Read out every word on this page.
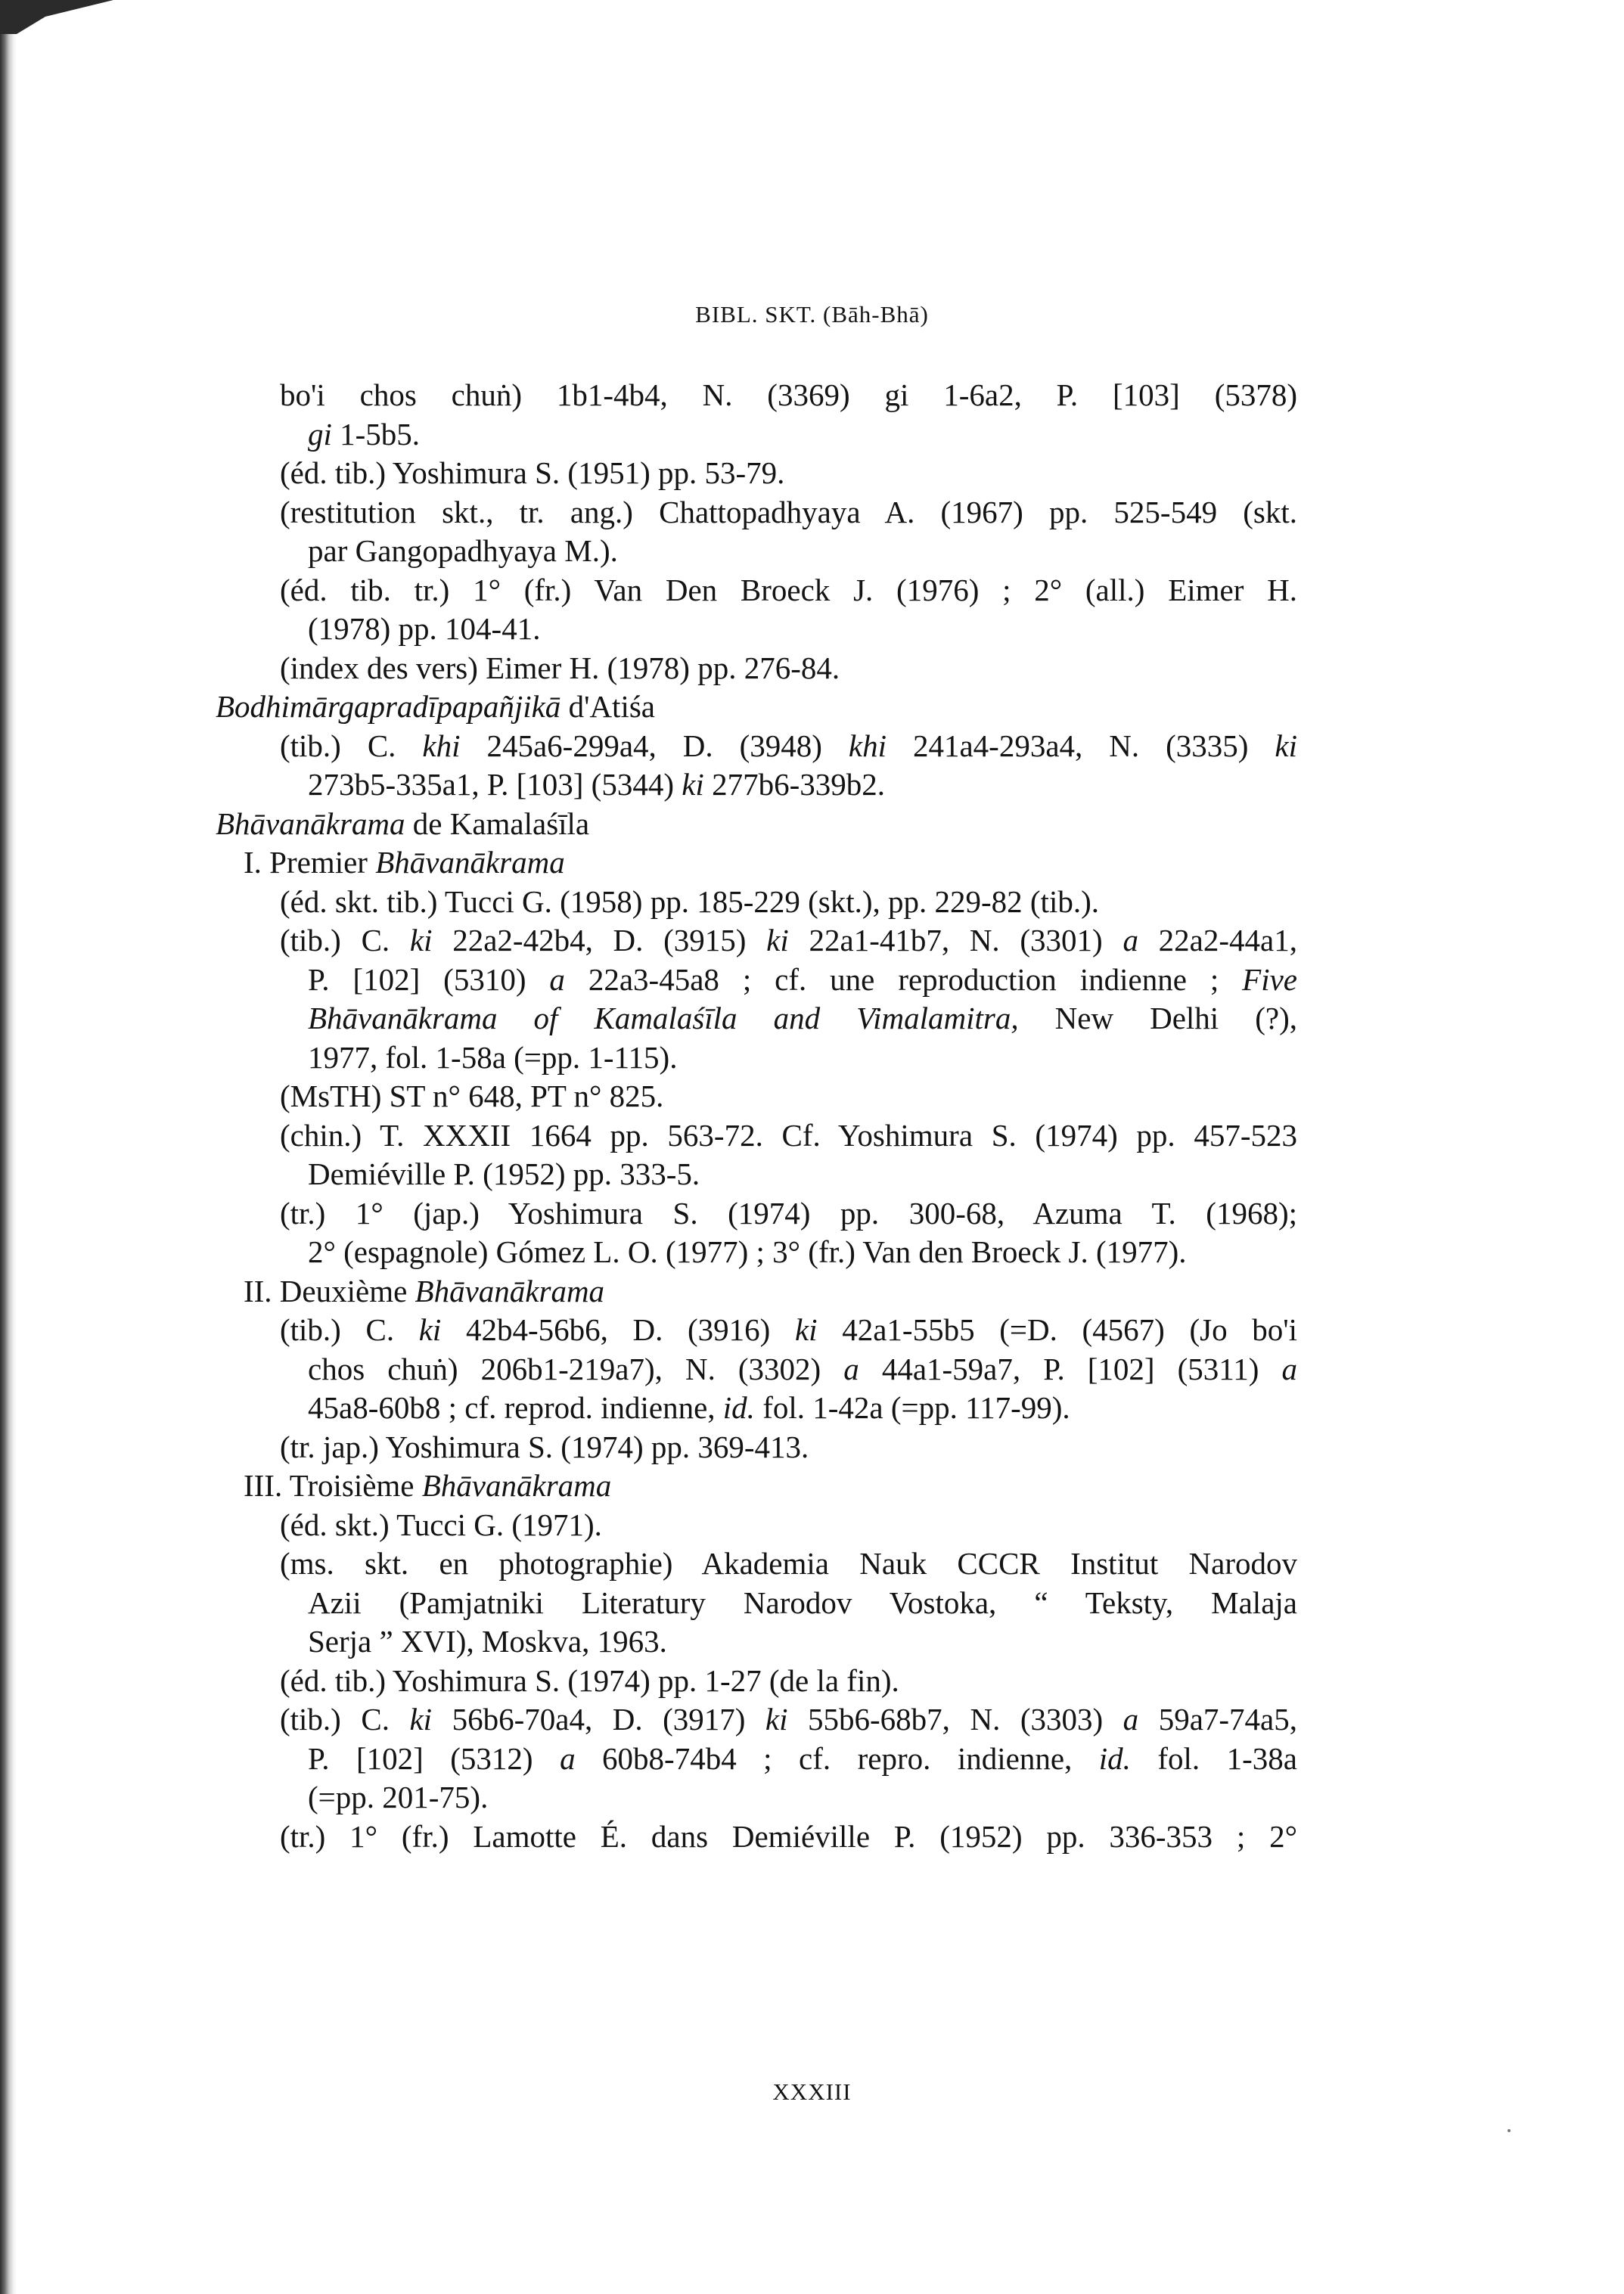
BIBL. SKT. (Bāh-Bhā)
bo'i chos chuṅ) 1b1-4b4, N. (3369) gi 1-6a2, P. [103] (5378)
gi 1-5b5.
(éd. tib.) Yoshimura S. (1951) pp. 53-79.
(restitution skt., tr. ang.) Chattopadhyaya A. (1967) pp. 525-549 (skt.
par Gangopadhyaya M.).
(éd. tib. tr.) 1° (fr.) Van Den Broeck J. (1976) ; 2° (all.) Eimer H.
(1978) pp. 104-41.
(index des vers) Eimer H. (1978) pp. 276-84.
Bodhimārgapradīpapañjikā d'Atiśa
(tib.) C. khi 245a6-299a4, D. (3948) khi 241a4-293a4, N. (3335) ki
273b5-335a1, P. [103] (5344) ki 277b6-339b2.
Bhāvanākrama de Kamalaśīla
I. Premier Bhāvanākrama
(éd. skt. tib.) Tucci G. (1958) pp. 185-229 (skt.), pp. 229-82 (tib.).
(tib.) C. ki 22a2-42b4, D. (3915) ki 22a1-41b7, N. (3301) a 22a2-44a1,
P. [102] (5310) a 22a3-45a8 ; cf. une reproduction indienne ; Five
Bhāvanākrama of Kamalaśīla and Vimalamitra, New Delhi (?),
1977, fol. 1-58a (=pp. 1-115).
(MsTH) ST n° 648, PT n° 825.
(chin.) T. XXXII 1664 pp. 563-72. Cf. Yoshimura S. (1974) pp. 457-523
Demiéville P. (1952) pp. 333-5.
(tr.) 1° (jap.) Yoshimura S. (1974) pp. 300-68, Azuma T. (1968);
2° (espagnole) Gómez L. O. (1977) ; 3° (fr.) Van den Broeck J. (1977).
II. Deuxième Bhāvanākrama
(tib.) C. ki 42b4-56b6, D. (3916) ki 42a1-55b5 (=D. (4567) (Jo bo'i
chos chuṅ) 206b1-219a7), N. (3302) a 44a1-59a7, P. [102] (5311) a
45a8-60b8 ; cf. reprod. indienne, id. fol. 1-42a (=pp. 117-99).
(tr. jap.) Yoshimura S. (1974) pp. 369-413.
III. Troisième Bhāvanākrama
(éd. skt.) Tucci G. (1971).
(ms. skt. en photographie) Akademia Nauk CCCR Institut Narodov
Azii (Pamjatniki Literatury Narodov Vostoka, “ Teksty, Malaja
Serja ” XVI), Moskva, 1963.
(éd. tib.) Yoshimura S. (1974) pp. 1-27 (de la fin).
(tib.) C. ki 56b6-70a4, D. (3917) ki 55b6-68b7, N. (3303) a 59a7-74a5,
P. [102] (5312) a 60b8-74b4 ; cf. repro. indienne, id. fol. 1-38a
(=pp. 201-75).
(tr.) 1° (fr.) Lamotte É. dans Demiéville P. (1952) pp. 336-353 ; 2°
XXXIII
